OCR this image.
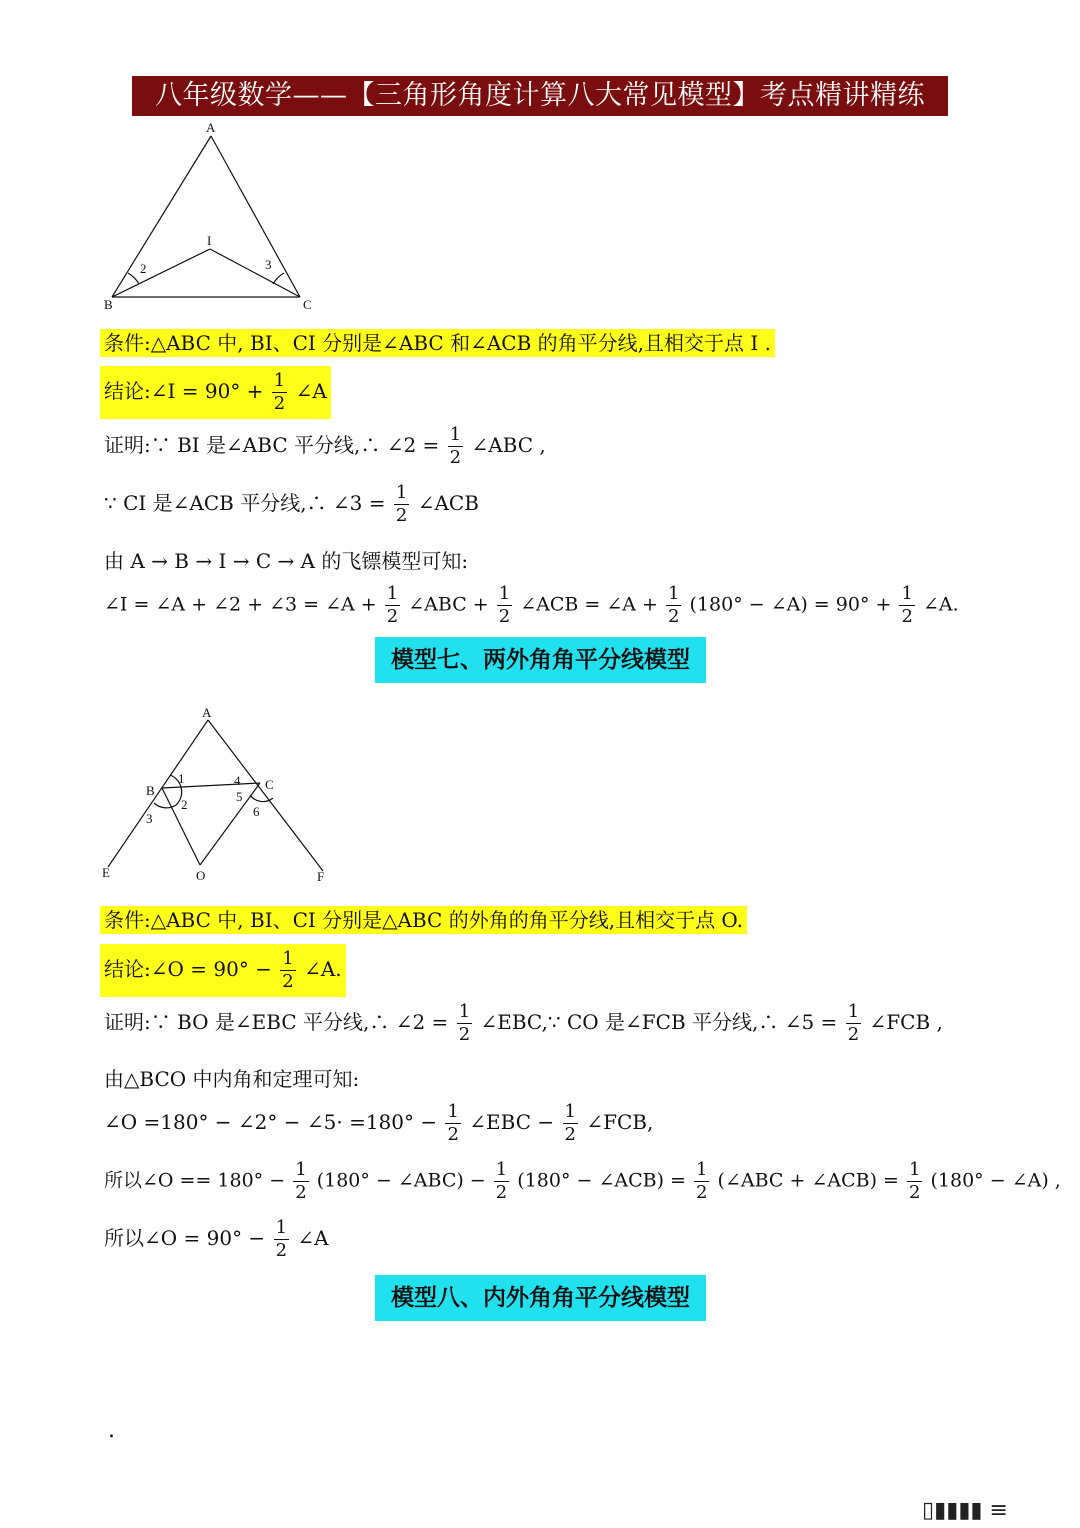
八年级数学——【三角形角度计算八大常见模型】考点精讲精练
A
B	C
I
2	3
条件:△ABC 中, BI、CI 分别是∠ABC 和∠ACB 的角平分线,且相交于点 I .
结论:∠I = $90^\circ + \frac{1}{2}$ ∠A
证明:∵ BI 是∠ABC 平分线,∴ ∠2 = $\frac{1}{2}$ ∠ABC ,
∵ CI 是∠ACB 平分线,∴ ∠3 = $\frac{1}{2}$ ∠ACB
由 A → B → I → C → A 的飞镖模型可知:
∠I = ∠A + ∠2 + ∠3 = ∠A + $\frac{1}{2}$ ∠ABC + $\frac{1}{2}$ ∠ACB = ∠A + $\frac{1}{2} (180^\circ$ − ∠A) = $90^\circ + \frac{1}{2}$ ∠A.
模型七、两外角角平分线模型
A
B	C
E	O	F
1
2
3
4
5
6
条件:△ABC 中, BI、CI 分别是△ABC 的外角的角平分线,且相交于点 O.
结论:∠O = $90^\circ - \frac{1}{2}$ ∠A.
证明:∵ BO 是∠EBC 平分线,∴ ∠2 = $\frac{1}{2}$ ∠EBC,∵ CO 是∠FCB 平分线,∴ ∠5 = $\frac{1}{2}$ ∠FCB ,
由△BCO 中内角和定理可知:
∠O =180° − ∠2° − ∠5· $=180^\circ - \frac{1}{2}$ ∠EBC − $\frac{1}{2}$ ∠FCB,
所以∠O == $180^\circ - \frac{1}{2} (180^\circ$ − ∠ABC) − $\frac{1}{2} (180^\circ$ − ∠ACB) = $\frac{1}{2}$ (∠ABC + ∠ACB) = $\frac{1}{2} (180^\circ$ − ∠A) ,
所以∠O = $90^\circ - \frac{1}{2}$ ∠A
模型八、内外角角平分线模型
.
▯▮▮▮▮ ≡
